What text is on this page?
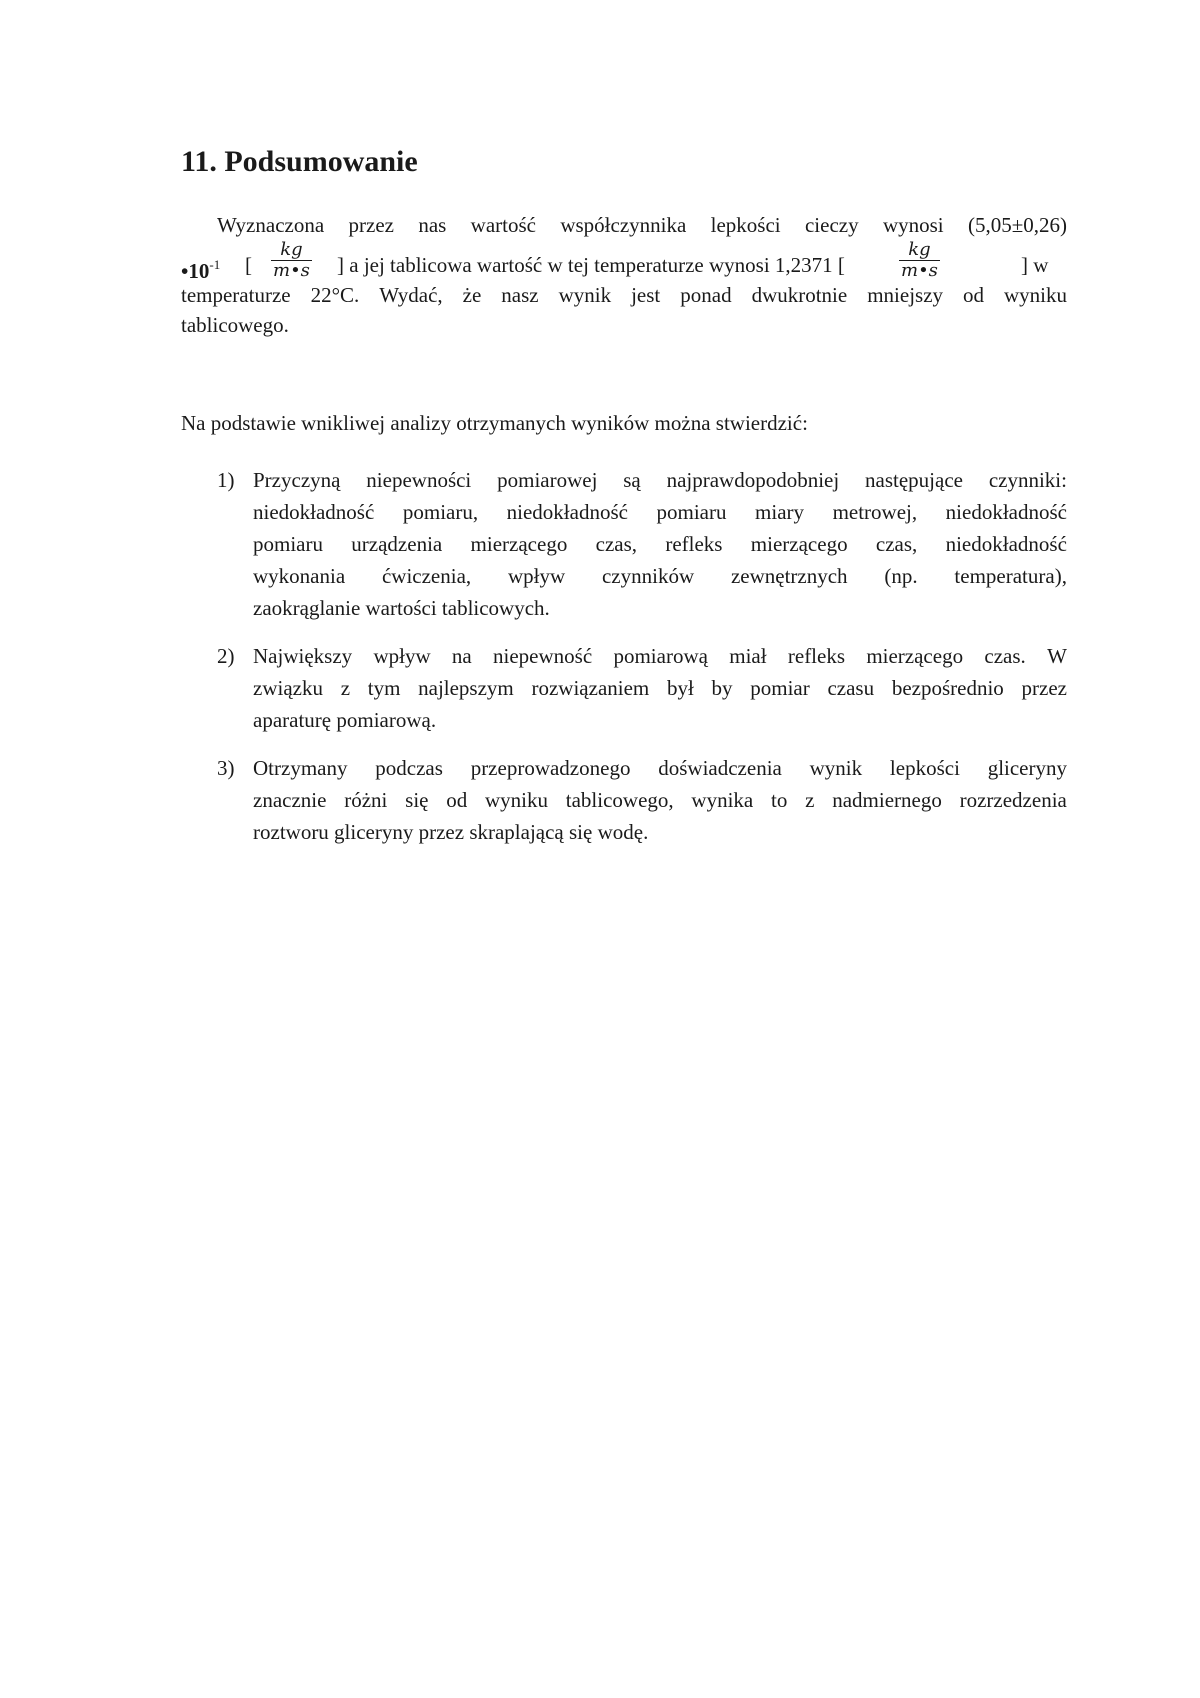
11. Podsumowanie
Wyznaczona przez nas wartość współczynnika lepkości cieczy wynosi (5,05±0,26)
$•10^{-1}$ [ $\frac{kg}{m•s}$ ] a jej tablicowa wartość w tej temperaturze wynosi 1,2371 [	$\frac{kg}{m•s}$	] w
temperaturze 22°C. Wydać, że nasz wynik jest ponad dwukrotnie mniejszy od wyniku
tablicowego.
Na podstawie wnikliwej analizy otrzymanych wyników można stwierdzić:
1) Przyczyną niepewności pomiarowej są najprawdopodobniej następujące czynniki:
niedokładność pomiaru, niedokładność pomiaru miary metrowej, niedokładność
pomiaru urządzenia mierzącego czas, refleks mierzącego czas, niedokładność
wykonania ćwiczenia, wpływ czynników zewnętrznych (np. temperatura),
zaokrąglanie wartości tablicowych.
2) Największy wpływ na niepewność pomiarową miał refleks mierzącego czas. W
związku z tym najlepszym rozwiązaniem był by pomiar czasu bezpośrednio przez
aparaturę pomiarową.
3) Otrzymany podczas przeprowadzonego doświadczenia wynik lepkości gliceryny
znacznie różni się od wyniku tablicowego, wynika to z nadmiernego rozrzedzenia
roztworu gliceryny przez skraplającą się wodę.
